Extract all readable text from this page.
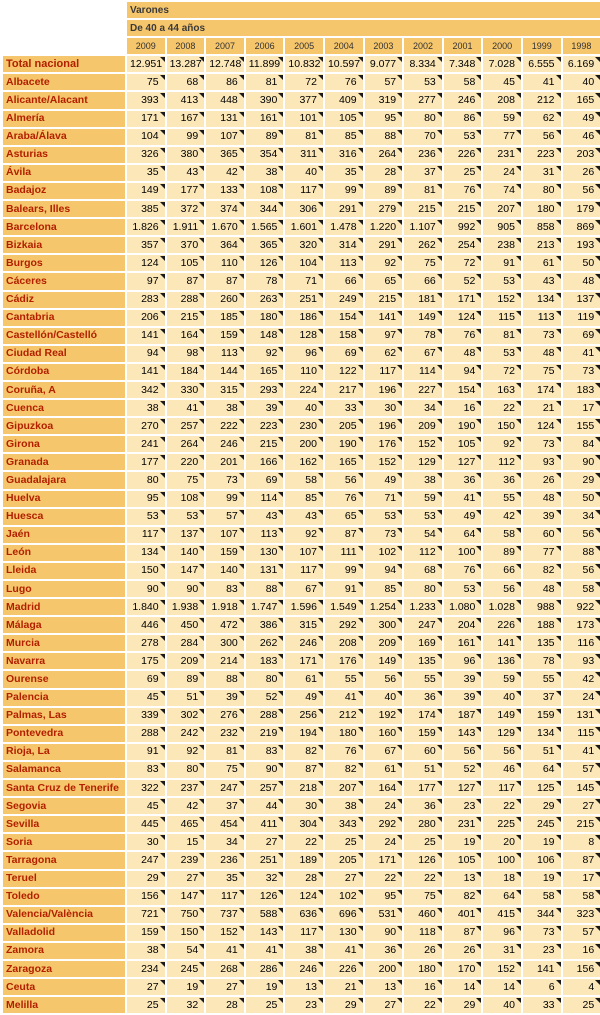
	Varones											
	De 40 a 44 años											
	2009	2008	2007	2006	2005	2004	2003	2002	2001	2000	1999	1998
Total nacional	12.951	13.287	12.748	11.899	10.832	10.597	9.077	8.334	7.348	7.028	6.555	6.169
Albacete	75	68	86	81	72	76	57	53	58	45	41	40
Alicante/Alacant	393	413	448	390	377	409	319	277	246	208	212	165
Almería	171	167	131	161	101	105	95	80	86	59	62	49
Araba/Álava	104	99	107	89	81	85	88	70	53	77	56	46
Asturias	326	380	365	354	311	316	264	236	226	231	223	203
Ávila	35	43	42	38	40	35	28	37	25	24	31	26
Badajoz	149	177	133	108	117	99	89	81	76	74	80	56
Balears, Illes	385	372	374	344	306	291	279	215	215	207	180	179
Barcelona	1.826	1.911	1.670	1.565	1.601	1.478	1.220	1.107	992	905	858	869
Bizkaia	357	370	364	365	320	314	291	262	254	238	213	193
Burgos	124	105	110	126	104	113	92	75	72	91	61	50
Cáceres	97	87	87	78	71	66	65	66	52	53	43	48
Cádiz	283	288	260	263	251	249	215	181	171	152	134	137
Cantabria	206	215	185	180	186	154	141	149	124	115	113	119
Castellón/Castelló	141	164	159	148	128	158	97	78	76	81	73	69
Ciudad Real	94	98	113	92	96	69	62	67	48	53	48	41
Córdoba	141	184	144	165	110	122	117	114	94	72	75	73
Coruña, A	342	330	315	293	224	217	196	227	154	163	174	183
Cuenca	38	41	38	39	40	33	30	34	16	22	21	17
Gipuzkoa	270	257	222	223	230	205	196	209	190	150	124	155
Girona	241	264	246	215	200	190	176	152	105	92	73	84
Granada	177	220	201	166	162	165	152	129	127	112	93	90
Guadalajara	80	75	73	69	58	56	49	38	36	36	26	29
Huelva	95	108	99	114	85	76	71	59	41	55	48	50
Huesca	53	53	57	43	43	65	53	53	49	42	39	34
Jaén	117	137	107	113	92	87	73	54	64	58	60	56
León	134	140	159	130	107	111	102	112	100	89	77	88
Lleida	150	147	140	131	117	99	94	68	76	66	82	56
Lugo	90	90	83	88	67	91	85	80	53	56	48	58
Madrid	1.840	1.938	1.918	1.747	1.596	1.549	1.254	1.233	1.080	1.028	988	922
Málaga	446	450	472	386	315	292	300	247	204	226	188	173
Murcia	278	284	300	262	246	208	209	169	161	141	135	116
Navarra	175	209	214	183	171	176	149	135	96	136	78	93
Ourense	69	89	88	80	61	55	56	55	39	59	55	42
Palencia	45	51	39	52	49	41	40	36	39	40	37	24
Palmas, Las	339	302	276	288	256	212	192	174	187	149	159	131
Pontevedra	288	242	232	219	194	180	160	159	143	129	134	115
Rioja, La	91	92	81	83	82	76	67	60	56	56	51	41
Salamanca	83	80	75	90	87	82	61	51	52	46	64	57
Santa Cruz de Tenerife	322	237	247	257	218	207	164	177	127	117	125	145
Segovia	45	42	37	44	30	38	24	36	23	22	29	27
Sevilla	445	465	454	411	304	343	292	280	231	225	245	215
Soria	30	15	34	27	22	25	24	25	19	20	19	8
Tarragona	247	239	236	251	189	205	171	126	105	100	106	87
Teruel	29	27	35	32	28	27	22	22	13	18	19	17
Toledo	156	147	117	126	124	102	95	75	82	64	58	58
Valencia/València	721	750	737	588	636	696	531	460	401	415	344	323
Valladolid	159	150	152	143	117	130	90	118	87	96	73	57
Zamora	38	54	41	41	38	41	36	26	26	31	23	16
Zaragoza	234	245	268	286	246	226	200	180	170	152	141	156
Ceuta	27	19	27	19	13	21	13	16	14	14	6	4
Melilla	25	32	28	25	23	29	27	22	29	40	33	25
